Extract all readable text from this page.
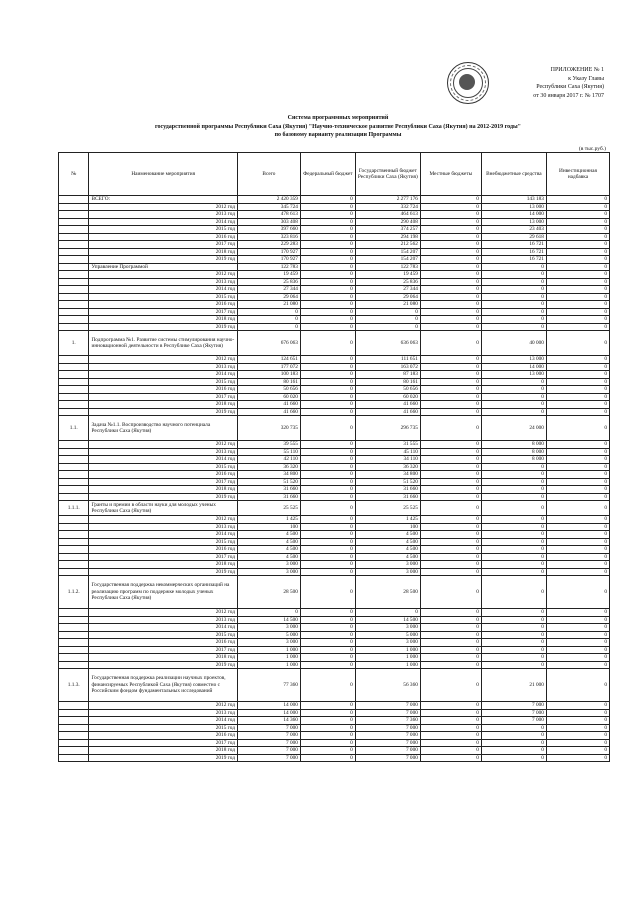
ПРИЛОЖЕНИЕ № 1
к Указу Главы
Республики Саха (Якутия)
от 30 января 2017 г. № 1707
Система программных мероприятий
государственной программы Республики Саха (Якутия) "Научно-техническое развитие Республики Саха (Якутия) на 2012-2019 годы"
по базовому варианту реализации Программы
(в тыс.руб.)
№	Наименование мероприятия	Всего	Федеральный бюджет	Государственный бюджет Республики Саха (Якутия)	Местные бюджеты	Внебюджетные средства	Инвестиционная надбавка
	ВСЕГО:	2 420 359	0	2 277 176	0	143 183	0
	2012 год	345 724	0	332 724	0	13 000	0
	2013 год	478 613	0	464 613	0	14 000	0
	2014 год	303 408	0	290 408	0	13 000	0
	2015 год	397 660	0	374 257	0	23 403	0
	2016 год	323 816	0	294 198	0	29 618	0
	2017 год	229 283	0	212 562	0	16 721	0
	2018 год	170 927	0	154 207	0	16 721	0
	2019 год	170 927	0	154 207	0	16 721	0
	Управление Программой	122 783	0	122 783	0	0	0
	2012 год	19 459	0	19 459	0	0	0
	2013 год	25 836	0	25 836	0	0	0
	2014 год	27 344	0	27 344	0	0	0
	2015 год	29 064	0	29 064	0	0	0
	2016 год	21 080	0	21 080	0	0	0
	2017 год	0	0	0	0	0	0
	2018 год	0	0	0	0	0	0
	2019 год	0	0	0	0	0	0
1.	Подпрограмма №1. Развитие системы стимулирования научно-инновационной деятельности в Республике Саха (Якутия)	676 063	0	636 063	0	40 000	0
	2012 год	124 651	0	111 651	0	13 000	0
	2013 год	177 072	0	163 072	0	14 000	0
	2014 год	100 183	0	87 183	0	13 000	0
	2015 год	80 161	0	80 161	0	0	0
	2016 год	50 656	0	50 656	0	0	0
	2017 год	60 020	0	60 020	0	0	0
	2018 год	41 660	0	41 660	0	0	0
	2019 год	41 660	0	41 660	0	0	0
1.1.	Задача №1.1. Воспроизводство научного потенциала Республики Саха (Якутия)	320 735	0	296 735	0	24 000	0
	2012 год	39 555	0	31 555	0	8 000	0
	2013 год	55 110	0	45 110	0	8 000	0
	2014 год	42 110	0	34 110	0	8 000	0
	2015 год	36 320	0	36 320	0	0	0
	2016 год	34 800	0	34 800	0	0	0
	2017 год	51 520	0	51 520	0	0	0
	2018 год	31 660	0	31 660	0	0	0
	2019 год	31 660	0	31 660	0	0	0
1.1.1.	Гранты и премии в области науки для молодых ученых Республики Саха (Якутия)	25 525	0	25 525	0	0	0
	2012 год	1 425	0	1 425	0	0	0
	2013 год	100	0	100	0	0	0
	2014 год	4 500	0	4 500	0	0	0
	2015 год	4 500	0	4 500	0	0	0
	2016 год	4 500	0	4 500	0	0	0
	2017 год	4 500	0	4 500	0	0	0
	2018 год	3 000	0	3 000	0	0	0
	2019 год	3 000	0	3 000	0	0	0
1.1.2.	Государственная поддержка некоммерческих организаций на реализацию программ по поддержке молодых ученых Республики Саха (Якутия)	28 500	0	28 500	0	0	0
	2012 год	0	0	0	0	0	0
	2013 год	14 500	0	14 500	0	0	0
	2014 год	3 000	0	3 000	0	0	0
	2015 год	5 000	0	5 000	0	0	0
	2016 год	3 000	0	3 000	0	0	0
	2017 год	1 000	0	1 000	0	0	0
	2018 год	1 000	0	1 000	0	0	0
	2019 год	1 000	0	1 000	0	0	0
1.1.3.	Государственная поддержка реализации научных проектов, финансируемых Республикой Саха (Якутия) совместно с Российским фондом фундаментальных исследований	77 360	0	56 360	0	21 000	0
	2012 год	14 000	0	7 000	0	7 000	0
	2013 год	14 000	0	7 000	0	7 000	0
	2014 год	14 360	0	7 360	0	7 000	0
	2015 год	7 000	0	7 000	0	0	0
	2016 год	7 000	0	7 000	0	0	0
	2017 год	7 000	0	7 000	0	0	0
	2018 год	7 000	0	7 000	0	0	0
	2019 год	7 000	0	7 000	0	0	0
